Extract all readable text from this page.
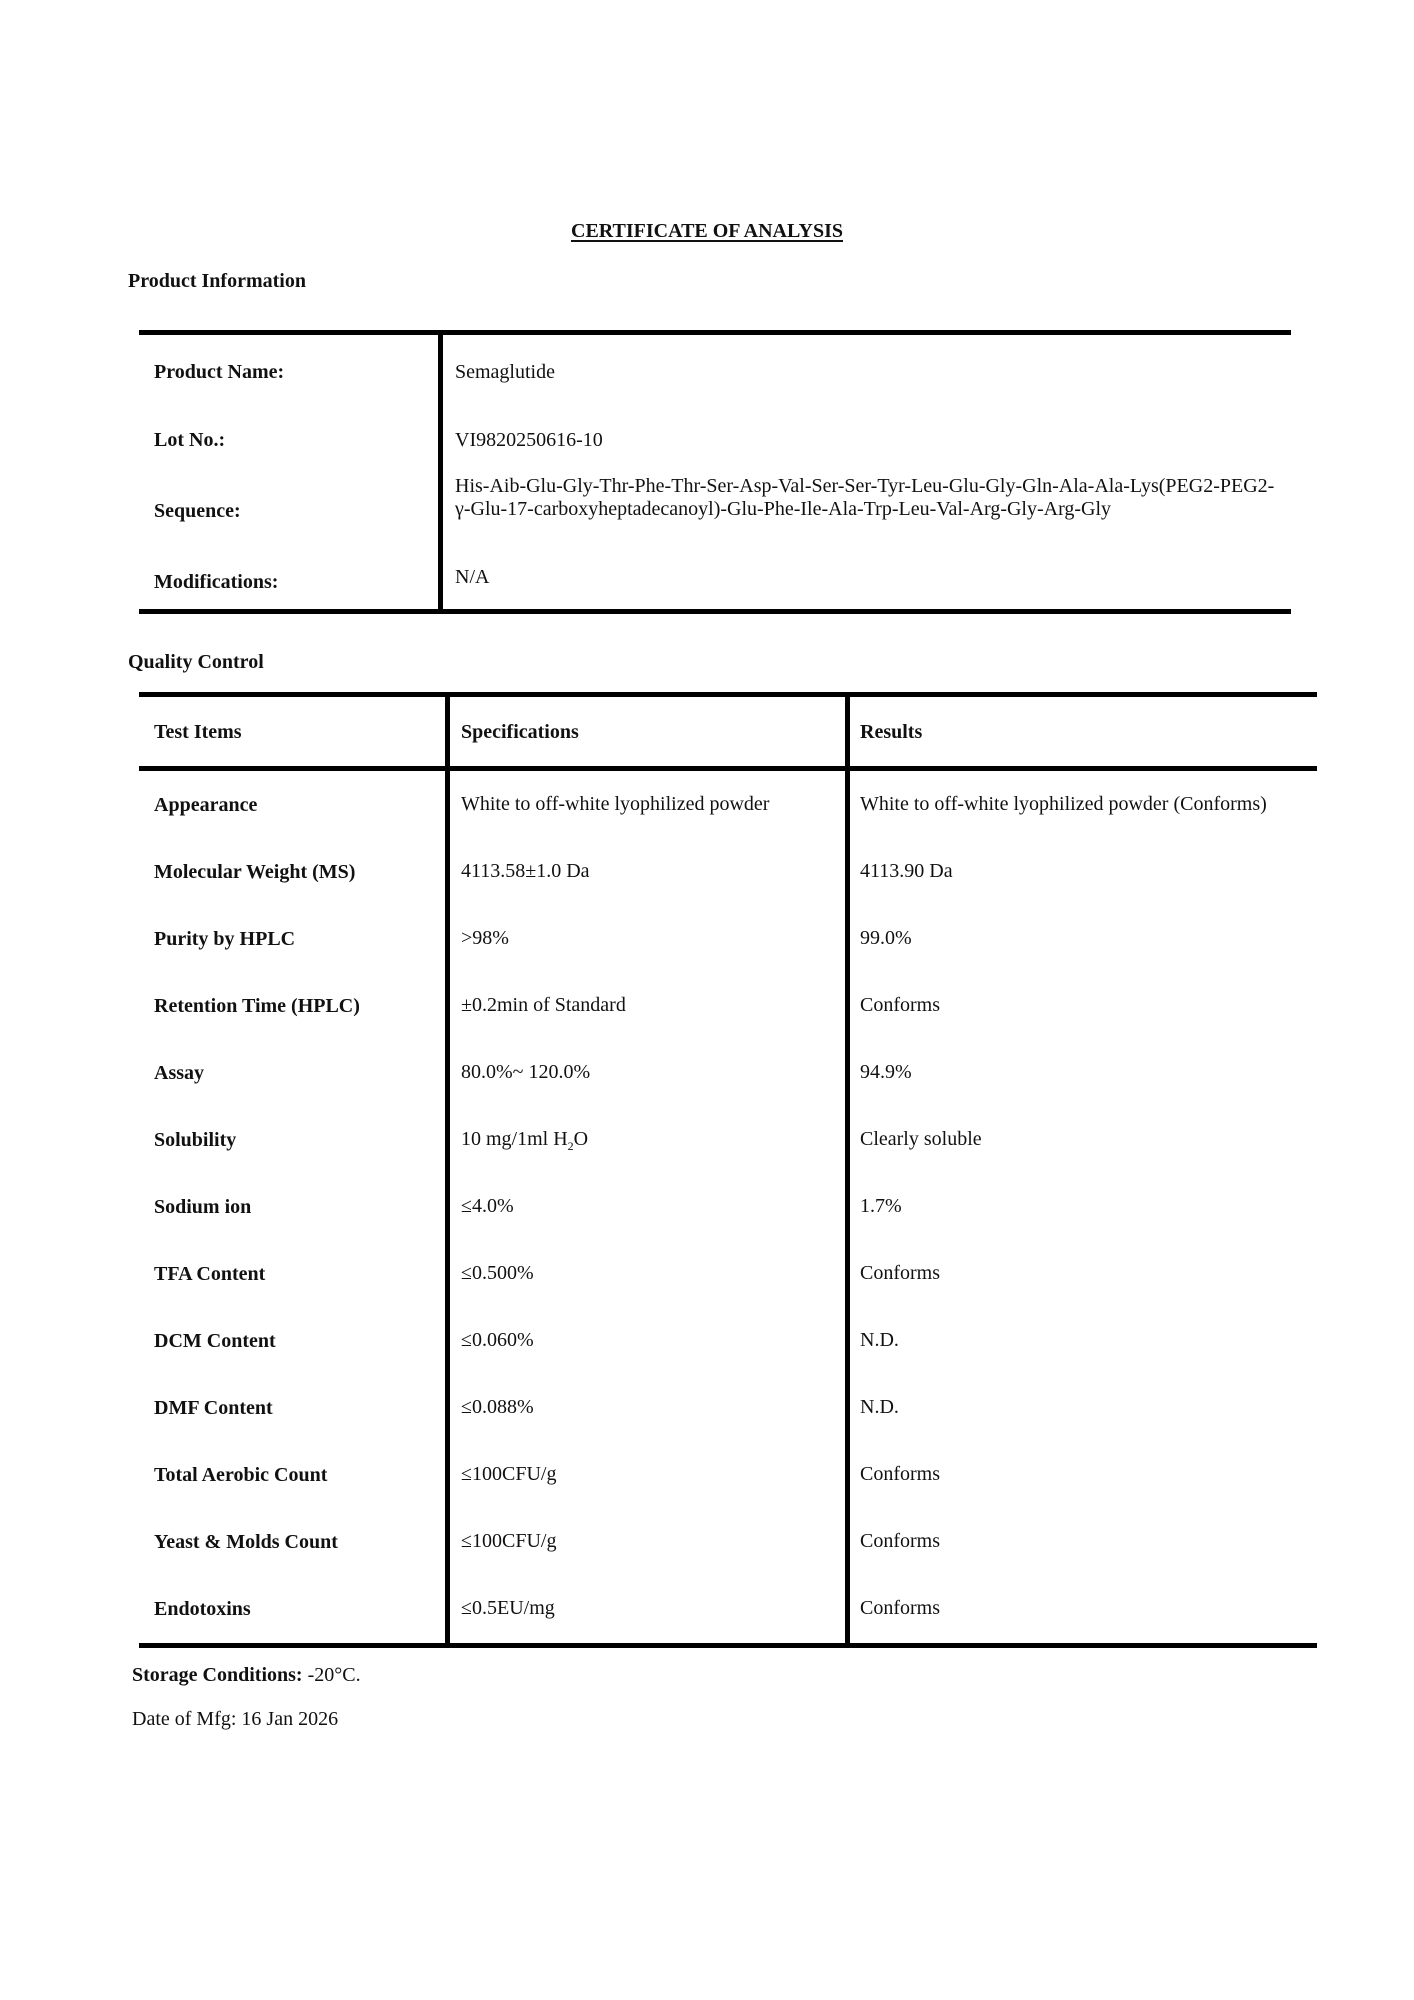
CERTIFICATE OF ANALYSIS
Product Information
Product Name:	Semaglutide
Lot No.:	VI9820250616-10
Sequence:
His-Aib-Glu-Gly-Thr-Phe-Thr-Ser-Asp-Val-Ser-Ser-Tyr-Leu-Glu-Gly-Gln-Ala-Ala-Lys(PEG2-PEG2-γ-Glu-17-carboxyheptadecanoyl)-Glu-Phe-Ile-Ala-Trp-Leu-Val-Arg-Gly-Arg-Gly
Modifications:	N/A
Quality Control
Test Items	Specifications	Results
Appearance	White to off-white lyophilized powder	White to off-white lyophilized powder (Conforms)
Molecular Weight (MS)	4113.58±1.0 Da	4113.90 Da
Purity by HPLC	>98%	99.0%
Retention Time (HPLC)	±0.2min of Standard	Conforms
Assay	80.0%~ 120.0%	94.9%
Solubility	10 mg/1ml $H_2O$	Clearly soluble
Sodium ion	≤4.0%	1.7%
TFA Content	≤0.500%	Conforms
DCM Content	≤0.060%	N.D.
DMF Content	≤0.088%	N.D.
Total Aerobic Count	≤100CFU/g	Conforms
Yeast & Molds Count	≤100CFU/g	Conforms
Endotoxins	≤0.5EU/mg	Conforms
Storage Conditions: -20°C.
Date of Mfg: 16 Jan 2026
